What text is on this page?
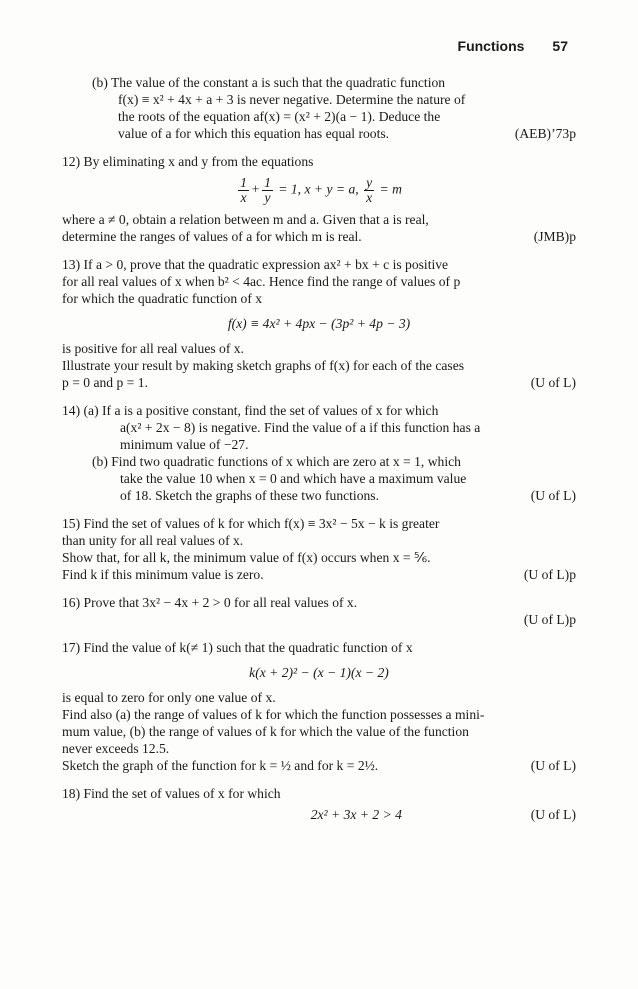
Functions 57

(b) The value of the constant a is such that the quadratic function

f(x) ≡ x² + 4x + a + 3 is never negative. Determine the nature of

the roots of the equation af(x) = (x² + 2)(a − 1). Deduce the

value of a for which this equation has equal roots.	(AEB)’73p

12) By eliminating x and y from the equations

$\frac{1}{x} + \frac{1}{y} = 1$, x + y = a, $\frac{y}{x} = m$

where a ≠ 0, obtain a relation between m and a. Given that a is real,

determine the ranges of values of a for which m is real.	(JMB)p

13) If a > 0, prove that the quadratic expression ax² + bx + c is positive

for all real values of x when b² < 4ac. Hence find the range of values of p

for which the quadratic function of x

f(x) ≡ 4x² + 4px − (3p² + 4p − 3)

is positive for all real values of x.

Illustrate your result by making sketch graphs of f(x) for each of the cases

p = 0 and p = 1.	(U of L)

14) (a) If a is a positive constant, find the set of values of x for which

a(x² + 2x − 8) is negative. Find the value of a if this function has a

minimum value of −27.

(b) Find two quadratic functions of x which are zero at x = 1, which

take the value 10 when x = 0 and which have a maximum value

of 18. Sketch the graphs of these two functions.	(U of L)

15) Find the set of values of k for which f(x) ≡ 3x² − 5x − k is greater

than unity for all real values of x.

Show that, for all k, the minimum value of f(x) occurs when x = ⅚.

Find k if this minimum value is zero.	(U of L)p

16) Prove that 3x² − 4x + 2 > 0 for all real values of x.

(U of L)p

17) Find the value of k(≠ 1) such that the quadratic function of x

k(x + 2)² − (x − 1)(x − 2)

is equal to zero for only one value of x.

Find also (a) the range of values of k for which the function possesses a mini-

mum value, (b) the range of values of k for which the value of the function

never exceeds 12.5.

Sketch the graph of the function for k = ½ and for k = 2½.	(U of L)

18) Find the set of values of x for which

2x² + 3x + 2 > 4	(U of L)
